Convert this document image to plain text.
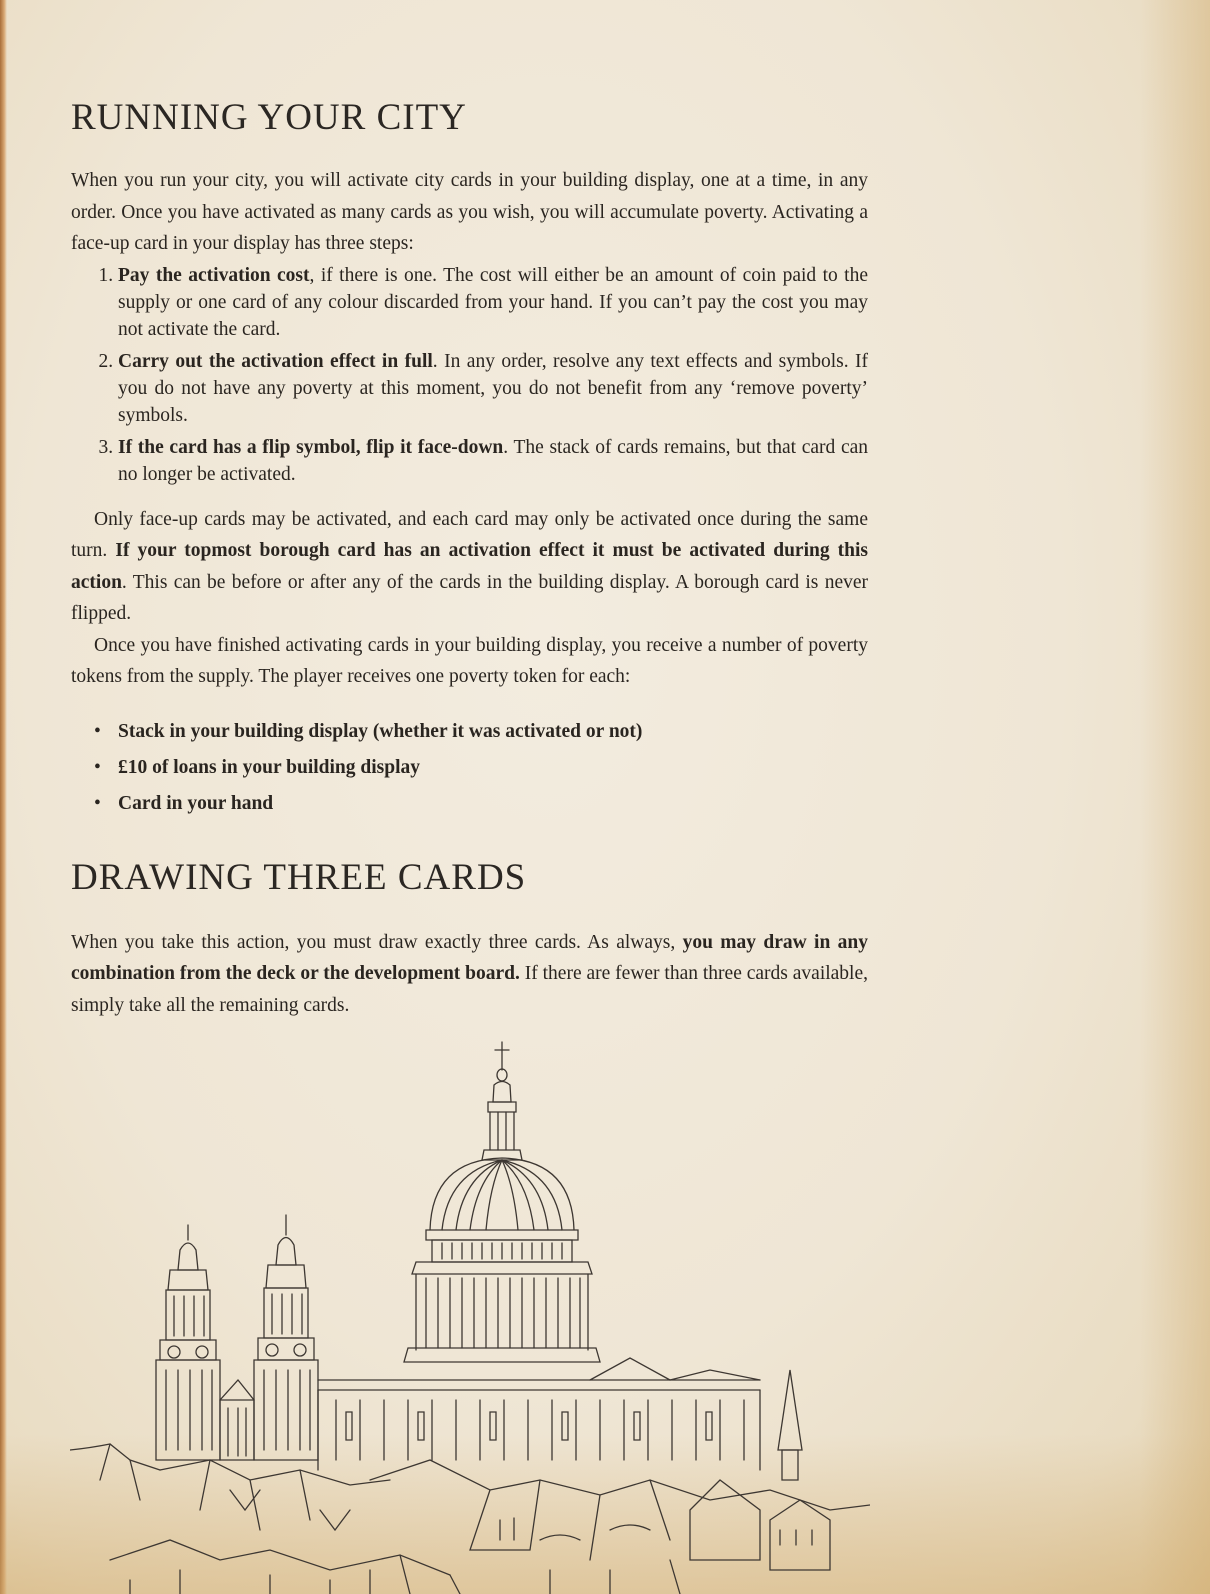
RUNNING YOUR CITY

When you run your city, you will activate city cards in your building display, one at a time, in any order. Once you have activated as many cards as you wish, you will accumulate poverty. Activating a face-up card in your display has three steps:

1. Pay the activation cost, if there is one. The cost will either be an amount of coin paid to the supply or one card of any colour discarded from your hand. If you can’t pay the cost you may not activate the card.
2. Carry out the activation effect in full. In any order, resolve any text effects and symbols. If you do not have any poverty at this moment, you do not benefit from any ‘remove poverty’ symbols.
3. If the card has a flip symbol, flip it face-down. The stack of cards remains, but that card can no longer be activated.

Only face-up cards may be activated, and each card may only be activated once during the same turn. If your topmost borough card has an activation effect it must be activated during this action. This can be before or after any of the cards in the building display. A borough card is never flipped.

Once you have finished activating cards in your building display, you receive a number of poverty tokens from the supply. The player receives one poverty token for each:

• Stack in your building display (whether it was activated or not)
• £10 of loans in your building display
• Card in your hand
DRAWING THREE CARDS

When you take this action, you must draw exactly three cards. As always, you may draw in any combination from the deck or the development board. If there are fewer than three cards available, simply take all the remaining cards.
